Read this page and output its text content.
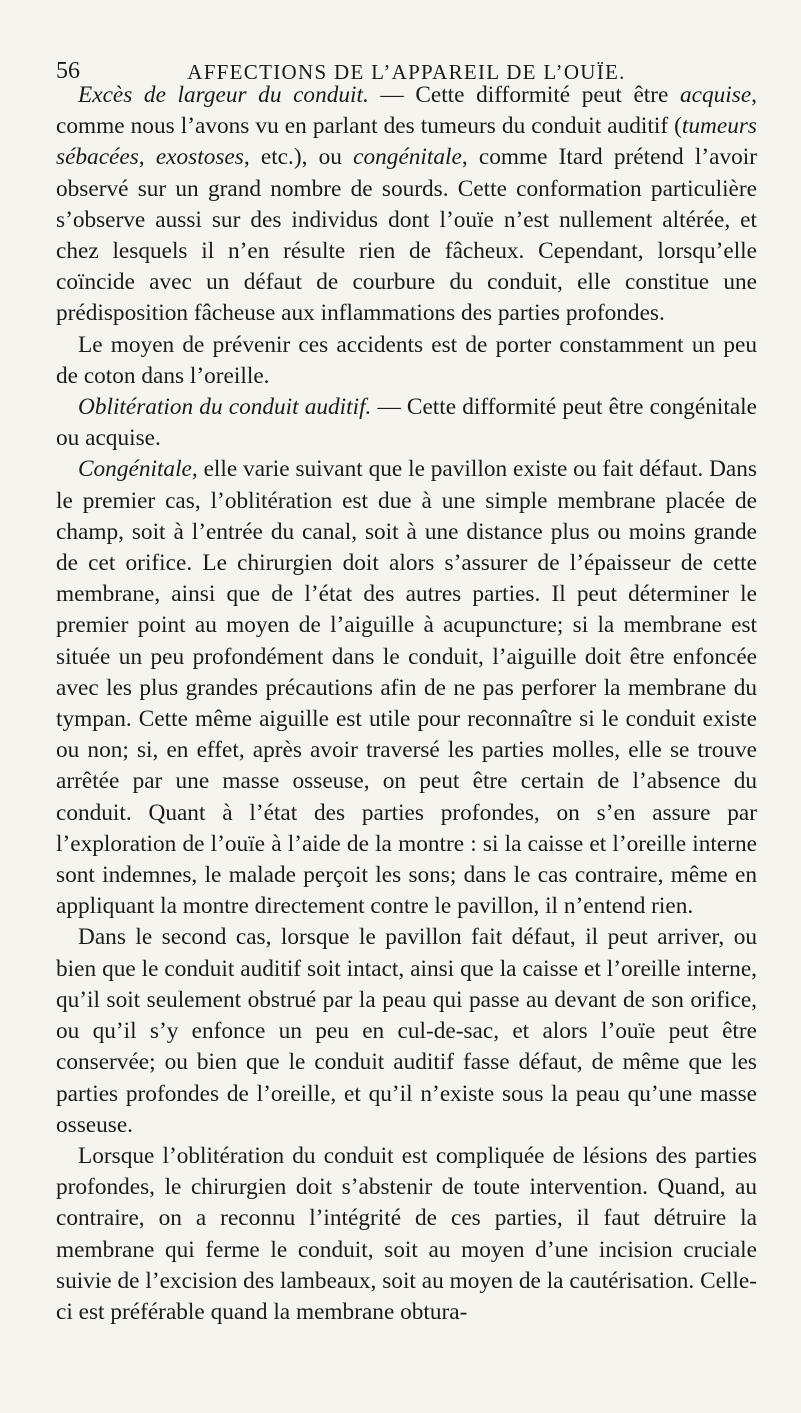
56	AFFECTIONS DE L’APPAREIL DE L’OUÏE.

Excès de largeur du conduit. — Cette difformité peut être acquise, comme nous l’avons vu en parlant des tumeurs du conduit auditif (tumeurs sébacées, exostoses, etc.), ou congénitale, comme Itard prétend l’avoir observé sur un grand nombre de sourds. Cette conformation particulière s’observe aussi sur des individus dont l’ouïe n’est nullement altérée, et chez lesquels il n’en résulte rien de fâcheux. Cependant, lorsqu’elle coïncide avec un défaut de courbure du conduit, elle constitue une prédisposition fâcheuse aux inflammations des parties profondes.

Le moyen de prévenir ces accidents est de porter constamment un peu de coton dans l’oreille.

Oblitération du conduit auditif. — Cette difformité peut être congénitale ou acquise.

Congénitale, elle varie suivant que le pavillon existe ou fait défaut. Dans le premier cas, l’oblitération est due à une simple membrane placée de champ, soit à l’entrée du canal, soit à une distance plus ou moins grande de cet orifice. Le chirurgien doit alors s’assurer de l’épaisseur de cette membrane, ainsi que de l’état des autres parties. Il peut déterminer le premier point au moyen de l’aiguille à acupuncture; si la membrane est située un peu profondément dans le conduit, l’aiguille doit être enfoncée avec les plus grandes précautions afin de ne pas perforer la membrane du tympan. Cette même aiguille est utile pour reconnaître si le conduit existe ou non; si, en effet, après avoir traversé les parties molles, elle se trouve arrêtée par une masse osseuse, on peut être certain de l’absence du conduit. Quant à l’état des parties profondes, on s’en assure par l’exploration de l’ouïe à l’aide de la montre : si la caisse et l’oreille interne sont indemnes, le malade perçoit les sons; dans le cas contraire, même en appliquant la montre directement contre le pavillon, il n’entend rien.

Dans le second cas, lorsque le pavillon fait défaut, il peut arriver, ou bien que le conduit auditif soit intact, ainsi que la caisse et l’oreille interne, qu’il soit seulement obstrué par la peau qui passe au devant de son orifice, ou qu’il s’y enfonce un peu en cul-de-sac, et alors l’ouïe peut être conservée; ou bien que le conduit auditif fasse défaut, de même que les parties profondes de l’oreille, et qu’il n’existe sous la peau qu’une masse osseuse.

Lorsque l’oblitération du conduit est compliquée de lésions des parties profondes, le chirurgien doit s’abstenir de toute intervention. Quand, au contraire, on a reconnu l’intégrité de ces parties, il faut détruire la membrane qui ferme le conduit, soit au moyen d’une incision cruciale suivie de l’excision des lambeaux, soit au moyen de la cautérisation. Celle-ci est préférable quand la membrane obtura-
